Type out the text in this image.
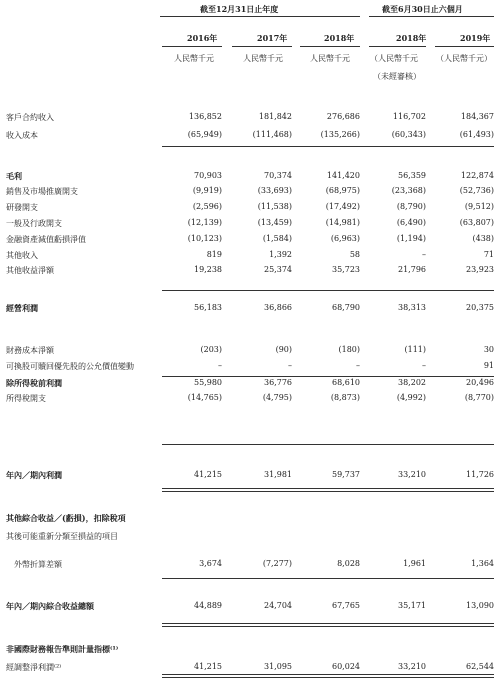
截至12月31日止年度	截至6月30日止六個月
2016年	2017年	2018年	2018年	2019年
人民幣千元	人民幣千元	人民幣千元	（人民幣千元 （人民幣千元）
（未經審核）
客戶合約收入	136,852	181,842	276,686	116,702	184,367
收入成本	(65,949)	(111,468)	(135,266)	(60,343)	(61,493)
毛利	70,903	70,374	141,420	56,359	122,874
銷售及市場推廣開支	(9,919)	(33,693)	(68,975)	(23,368)	(52,736)
研發開支	(2,596)	(11,538)	(17,492)	(8,790)	(9,512)
一般及行政開支	(12,139)	(13,459)	(14,981)	(6,490)	(63,807)
金融資產減值虧損淨值	(10,123)	(1,584)	(6,963)	(1,194)	(438)
其他收入	819	1,392	58	–	71
其他收益淨額	19,238	25,374	35,723	21,796	23,923
經營利潤	56,183	36,866	68,790	38,313	20,375
財務成本淨額	(203)	(90)	(180)	(111)	30
可換股可贖回優先股的公允價值變動	–	–	–	–	91
除所得稅前利潤	55,980	36,776	68,610	38,202	20,496
所得稅開支	(14,765)	(4,795)	(8,873)	(4,992)	(8,770)
年內／期內利潤	41,215	31,981	59,737	33,210	11,726
其他綜合收益／(虧損)，扣除稅項
其後可能重新分類至損益的項目
外幣折算差額	3,674	(7,277)	8,028	1,961	1,364
年內／期內綜合收益總額	44,889	24,704	67,765	35,171	13,090
非國際財務報告準則計量指標⁽¹⁾
經調整淨利潤⁽²⁾	41,215	31,095	60,024	33,210	62,544
